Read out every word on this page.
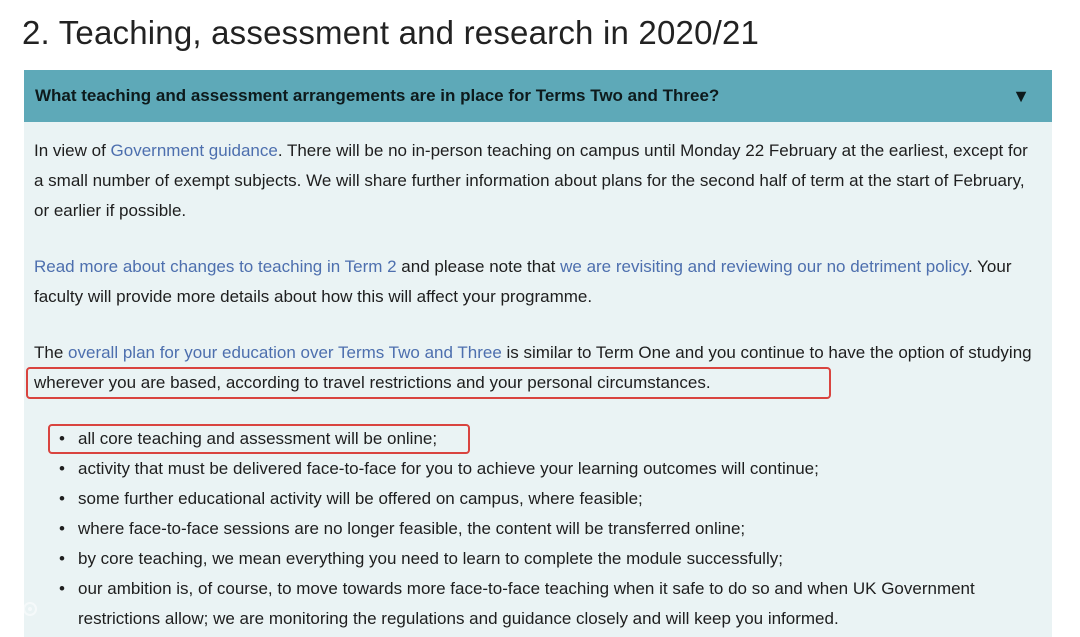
2. Teaching, assessment and research in 2020/21
What teaching and assessment arrangements are in place for Terms Two and Three?	▼

In view of Government guidance. There will be no in-person teaching on campus until Monday 22 February at the earliest, except for a small number of exempt subjects. We will share further information about plans for the second half of term at the start of February, or earlier if possible.

Read more about changes to teaching in Term 2 and please note that we are revisiting and reviewing our no detriment policy. Your faculty will provide more details about how this will affect your programme.

The overall plan for your education over Terms Two and Three is similar to Term One and you continue to have the option of studying wherever you are based, according to travel restrictions and your personal circumstances.

• all core teaching and assessment will be online;
• activity that must be delivered face-to-face for you to achieve your learning outcomes will continue;
• some further educational activity will be offered on campus, where feasible;
• where face-to-face sessions are no longer feasible, the content will be transferred online;
• by core teaching, we mean everything you need to learn to complete the module successfully;
• our ambition is, of course, to move towards more face-to-face teaching when it safe to do so and when UK Government restrictions allow; we are monitoring the regulations and guidance closely and will keep you informed.
